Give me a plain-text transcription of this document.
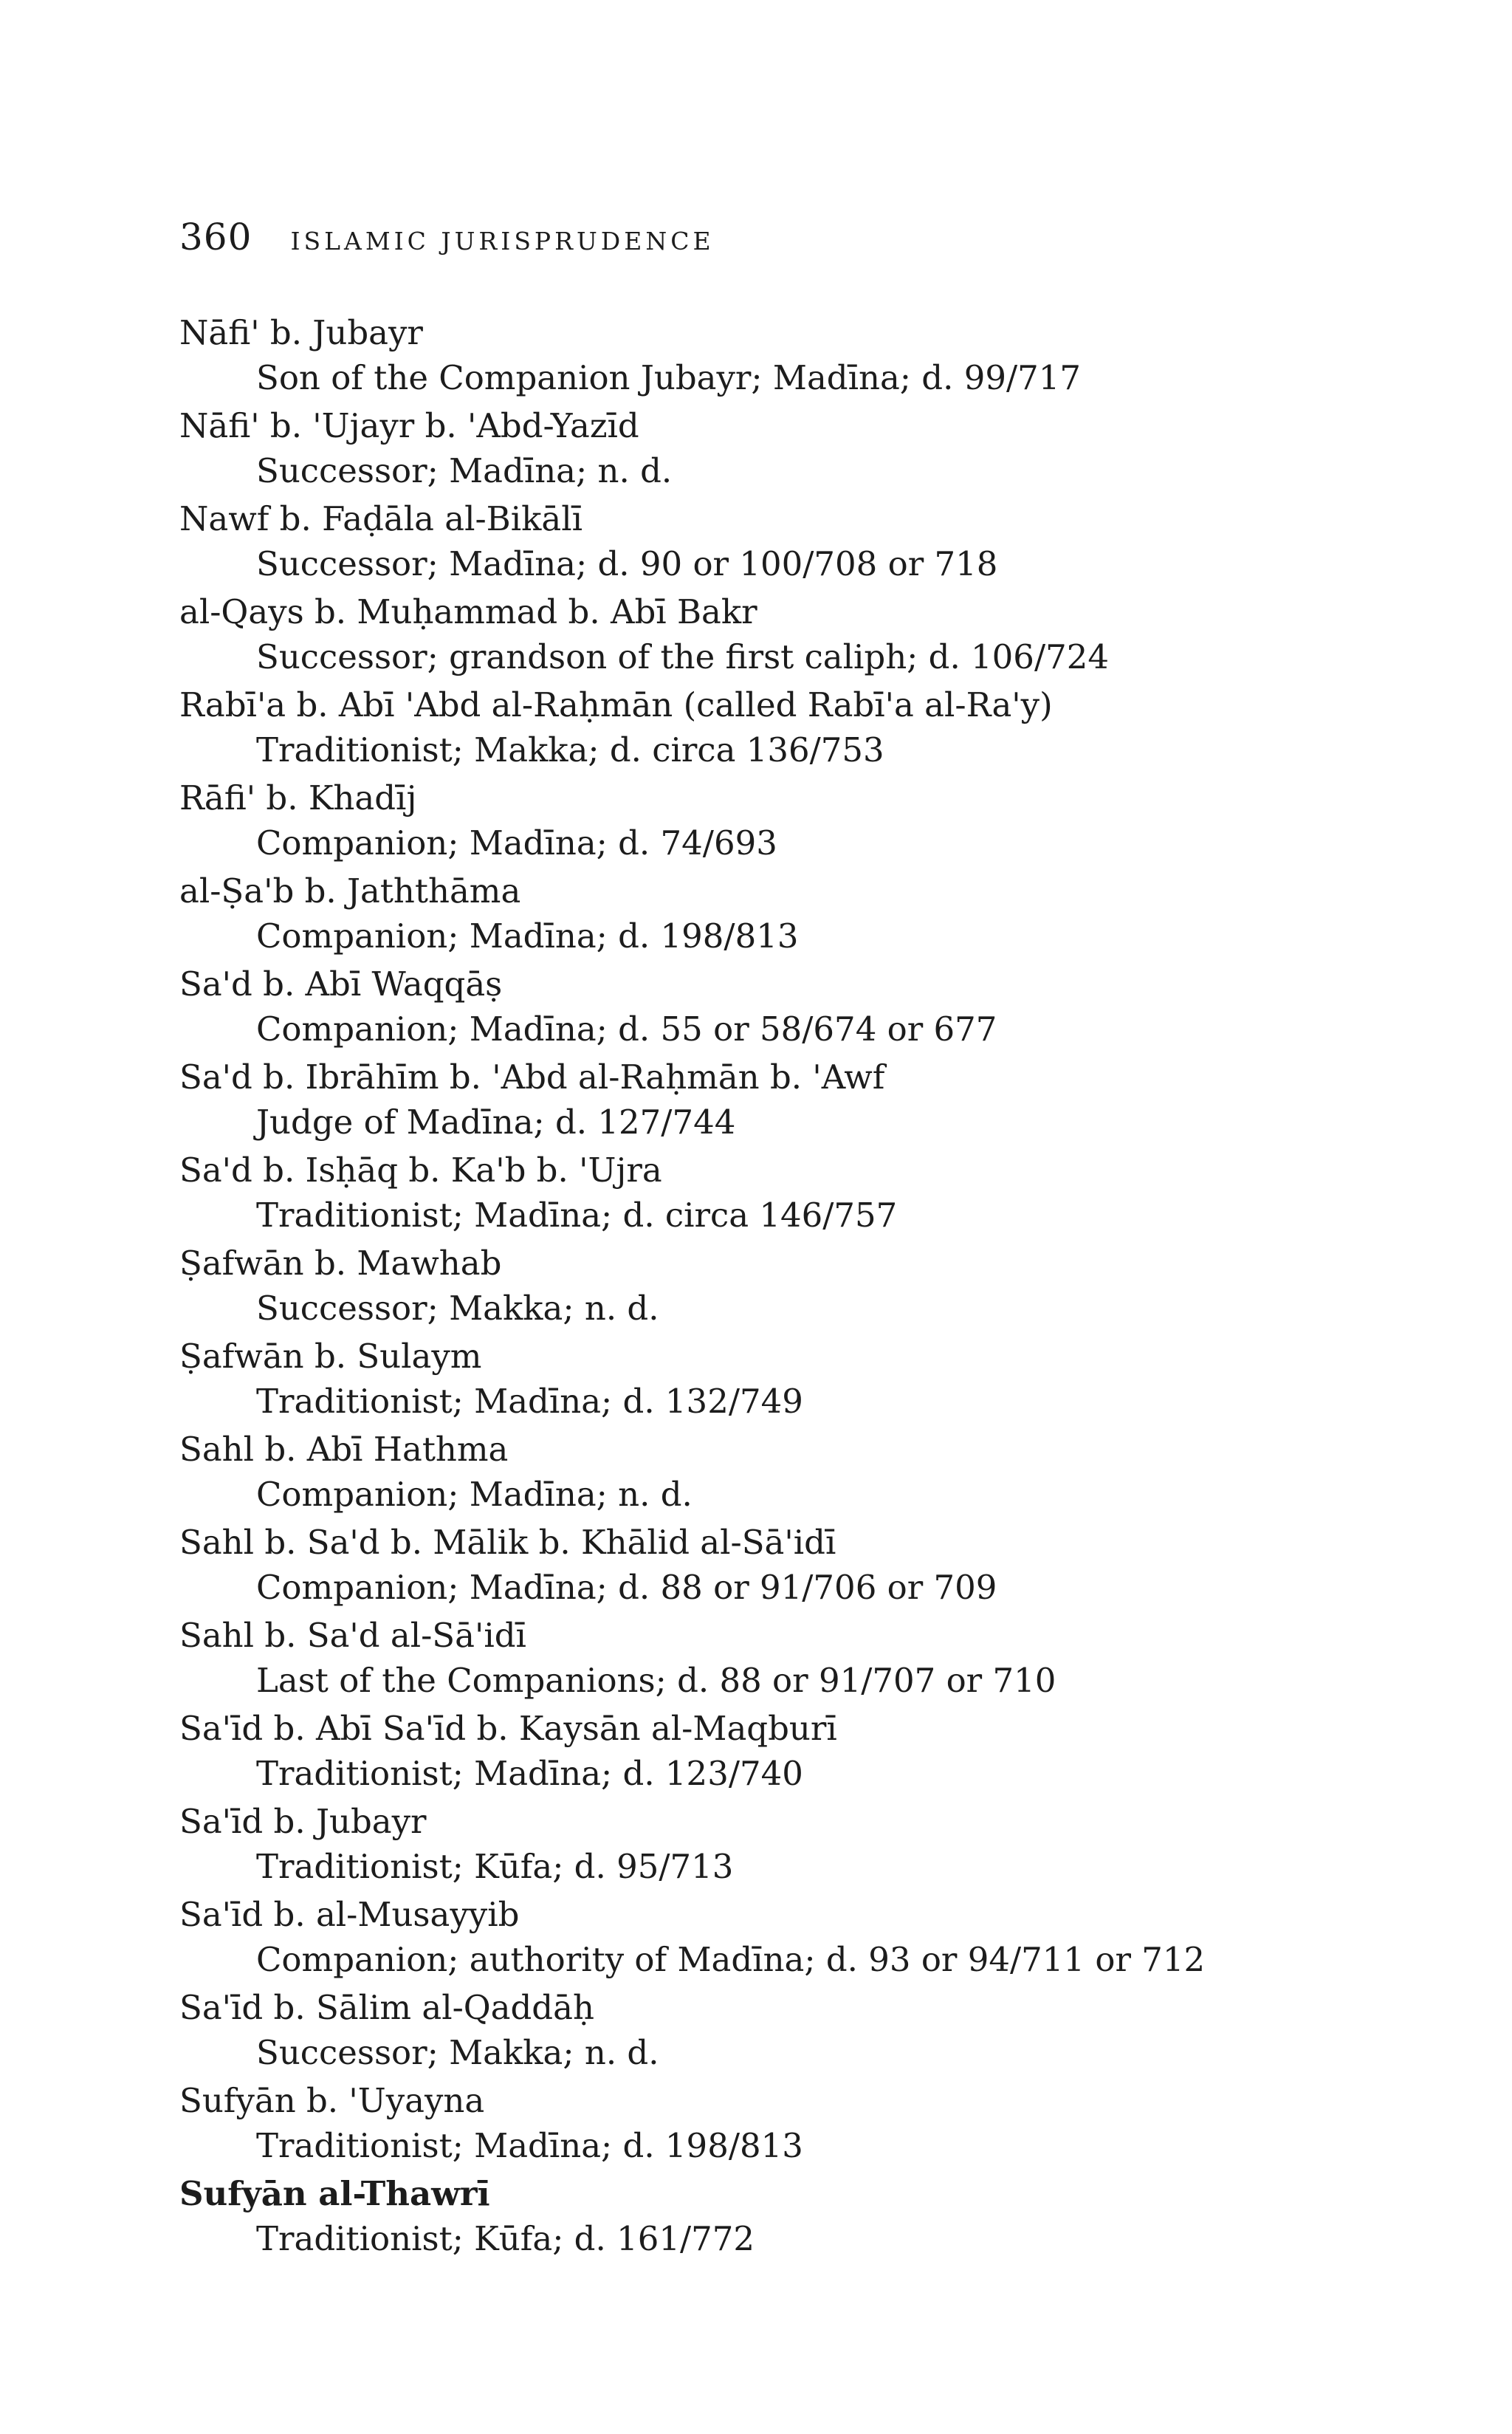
360 ISLAMIC JURISPRUDENCE
Nāfi' b. Jubayr
Son of the Companion Jubayr; Madīna; d. 99/717
Nāfi' b. 'Ujayr b. 'Abd-Yazīd
Successor; Madīna; n. d.
Nawf b. Faḍāla al-Bikālī
Successor; Madīna; d. 90 or 100/708 or 718
al-Qays b. Muḥammad b. Abī Bakr
Successor; grandson of the first caliph; d. 106/724
Rabī'a b. Abī 'Abd al-Raḥmān (called Rabī'a al-Ra'y)
Traditionist; Makka; d. circa 136/753
Rāfi' b. Khadīj
Companion; Madīna; d. 74/693
al-Ṣa'b b. Jaththāma
Companion; Madīna; d. 198/813
Sa'd b. Abī Waqqāṣ
Companion; Madīna; d. 55 or 58/674 or 677
Sa'd b. Ibrāhīm b. 'Abd al-Raḥmān b. 'Awf
Judge of Madīna; d. 127/744
Sa'd b. Isḥāq b. Ka'b b. 'Ujra
Traditionist; Madīna; d. circa 146/757
Ṣafwān b. Mawhab
Successor; Makka; n. d.
Ṣafwān b. Sulaym
Traditionist; Madīna; d. 132/749
Sahl b. Abī Hathma
Companion; Madīna; n. d.
Sahl b. Sa'd b. Mālik b. Khālid al-Sā'idī
Companion; Madīna; d. 88 or 91/706 or 709
Sahl b. Sa'd al-Sā'idī
Last of the Companions; d. 88 or 91/707 or 710
Sa'īd b. Abī Sa'īd b. Kaysān al-Maqburī
Traditionist; Madīna; d. 123/740
Sa'īd b. Jubayr
Traditionist; Kūfa; d. 95/713
Sa'īd b. al-Musayyib
Companion; authority of Madīna; d. 93 or 94/711 or 712
Sa'īd b. Sālim al-Qaddāḥ
Successor; Makka; n. d.
Sufyān b. 'Uyayna
Traditionist; Madīna; d. 198/813
Sufyān al-Thawrī
Traditionist; Kūfa; d. 161/772
